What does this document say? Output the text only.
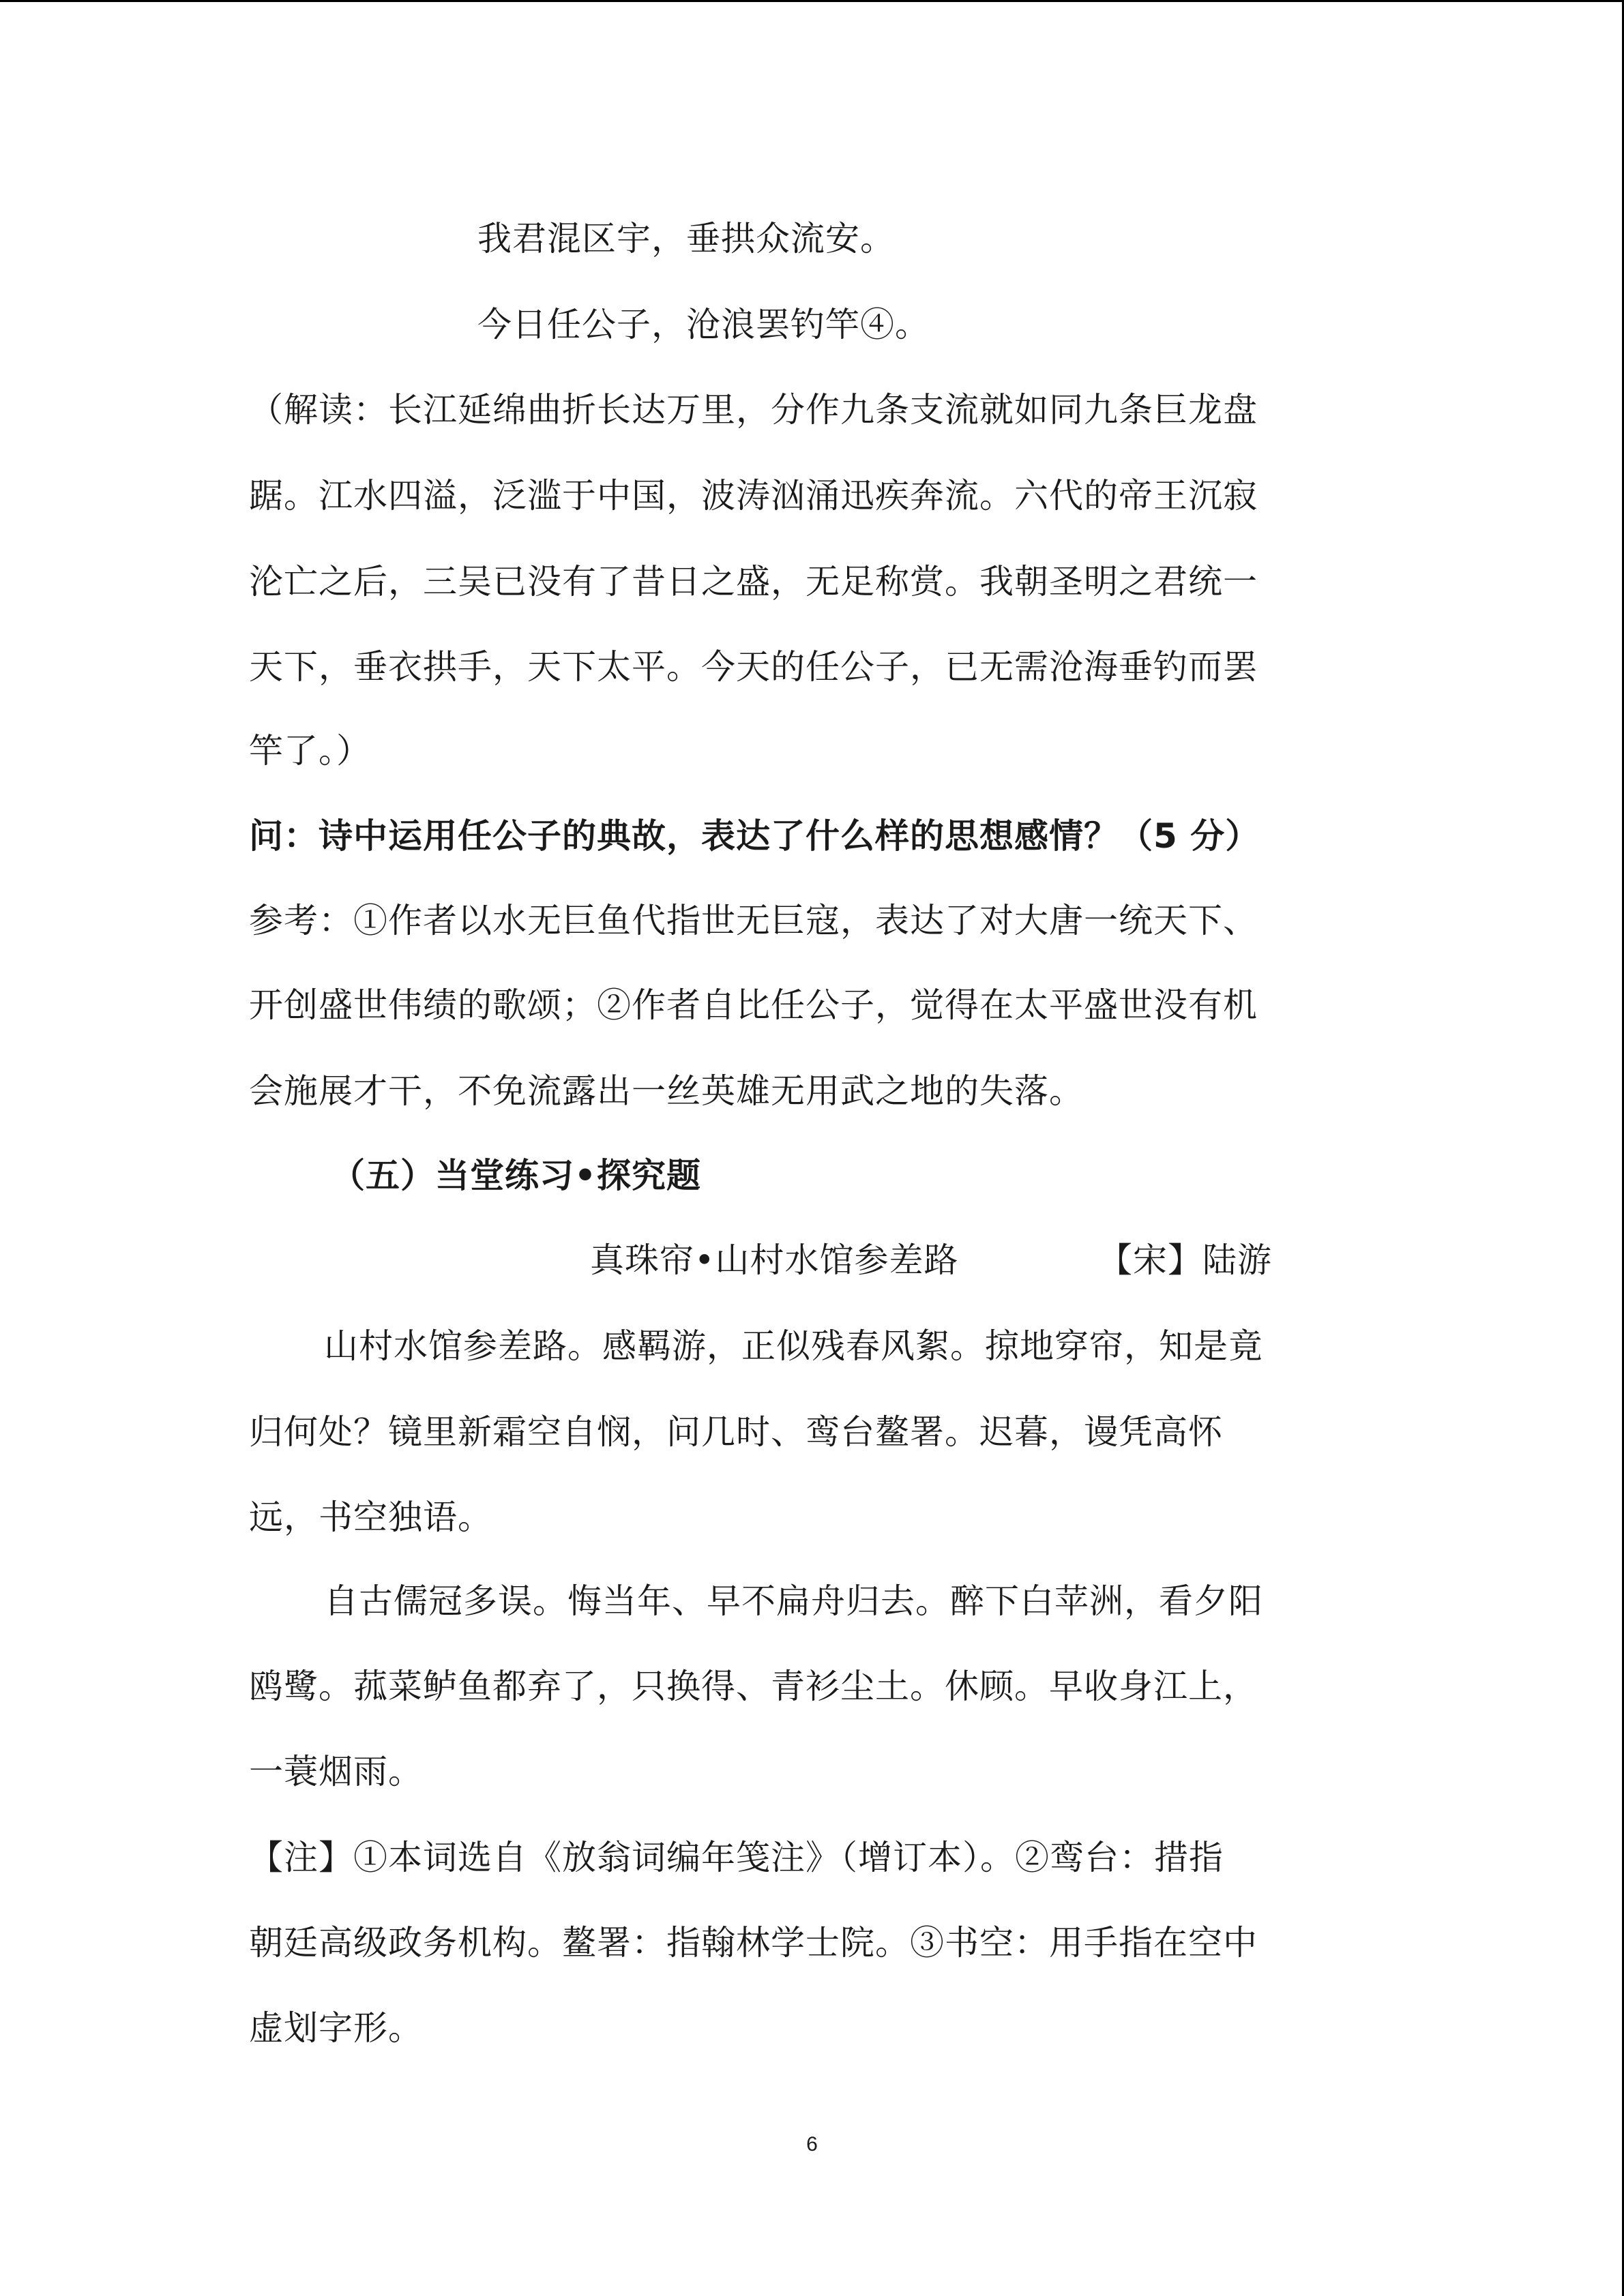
我君混区宇，垂拱众流安。
今日任公子，沧浪罢钓竿④。
（解读：长江延绵曲折长达万里，分作九条支流就如同九条巨龙盘
踞。江水四溢，泛滥于中国，波涛汹涌迅疾奔流。六代的帝王沉寂
沦亡之后，三吴已没有了昔日之盛，无足称赏。我朝圣明之君统一
天下，垂衣拱手，天下太平。今天的任公子，已无需沧海垂钓而罢
竿了。）
问：诗中运用任公子的典故，表达了什么样的思想感情？（5 分）
参考：①作者以水无巨鱼代指世无巨寇，表达了对大唐一统天下、
开创盛世伟绩的歌颂；②作者自比任公子，觉得在太平盛世没有机
会施展才干，不免流露出一丝英雄无用武之地的失落。
（五）当堂练习•探究题
真珠帘•山村水馆参差路	【宋】陆游
山村水馆参差路。感羁游，正似残春风絮。掠地穿帘，知是竟
归何处？镜里新霜空自悯，问几时、鸾台鳌署。迟暮，谩凭高怀
远，书空独语。
自古儒冠多误。悔当年、早不扁舟归去。醉下白苹洲，看夕阳
鸥鹭。菰菜鲈鱼都弃了，只换得、青衫尘土。休顾。早收身江上，
一蓑烟雨。
【注】①本词选自《放翁词编年笺注》（增订本）。②鸾台：措指
朝廷高级政务机构。鳌署：指翰林学士院。③书空：用手指在空中
虚划字形。
6
